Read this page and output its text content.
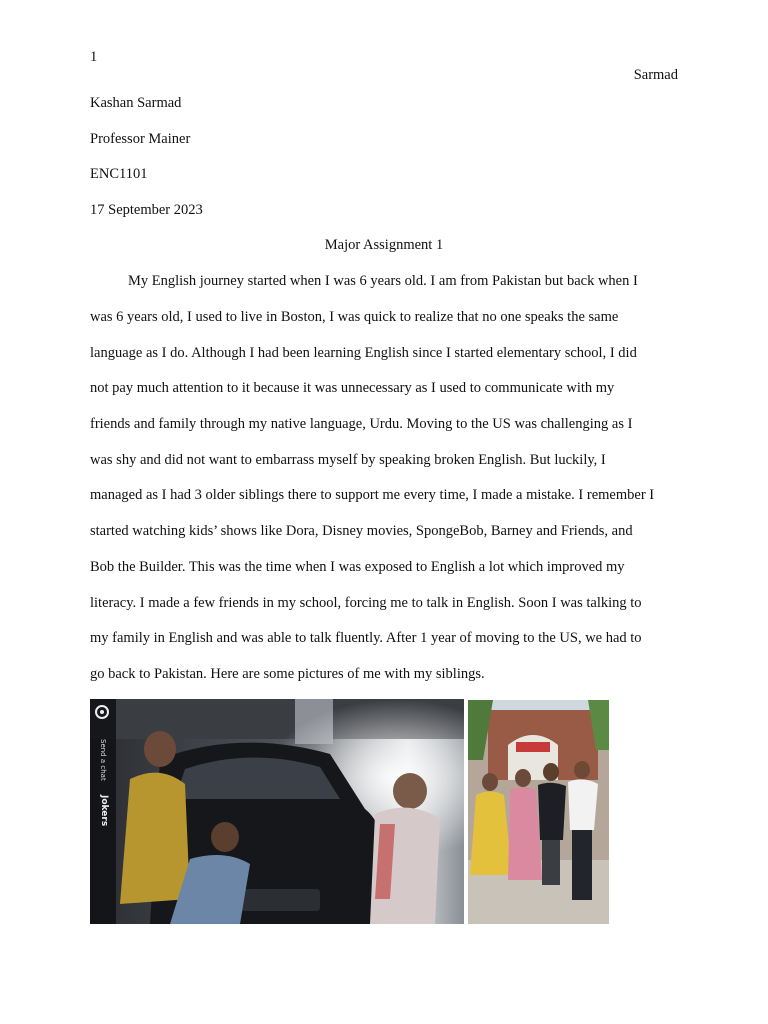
1
Sarmad
Kashan Sarmad
Professor Mainer
ENC1101
17 September 2023
Major Assignment 1
My English journey started when I was 6 years old. I am from Pakistan but back when I
was 6 years old, I used to live in Boston, I was quick to realize that no one speaks the same
language as I do. Although I had been learning English since I started elementary school, I did
not pay much attention to it because it was unnecessary as I used to communicate with my
friends and family through my native language, Urdu. Moving to the US was challenging as I
was shy and did not want to embarrass myself by speaking broken English. But luckily, I
managed as I had 3 older siblings there to support me every time, I made a mistake. I remember I
started watching kids’ shows like Dora, Disney movies, SpongeBob, Barney and Friends, and
Bob the Builder. This was the time when I was exposed to English a lot which improved my
literacy. I made a few friends in my school, forcing me to talk in English. Soon I was talking to
my family in English and was able to talk fluently. After 1 year of moving to the US, we had to
go back to Pakistan. Here are some pictures of me with my siblings.
Send a chat
Jokers
